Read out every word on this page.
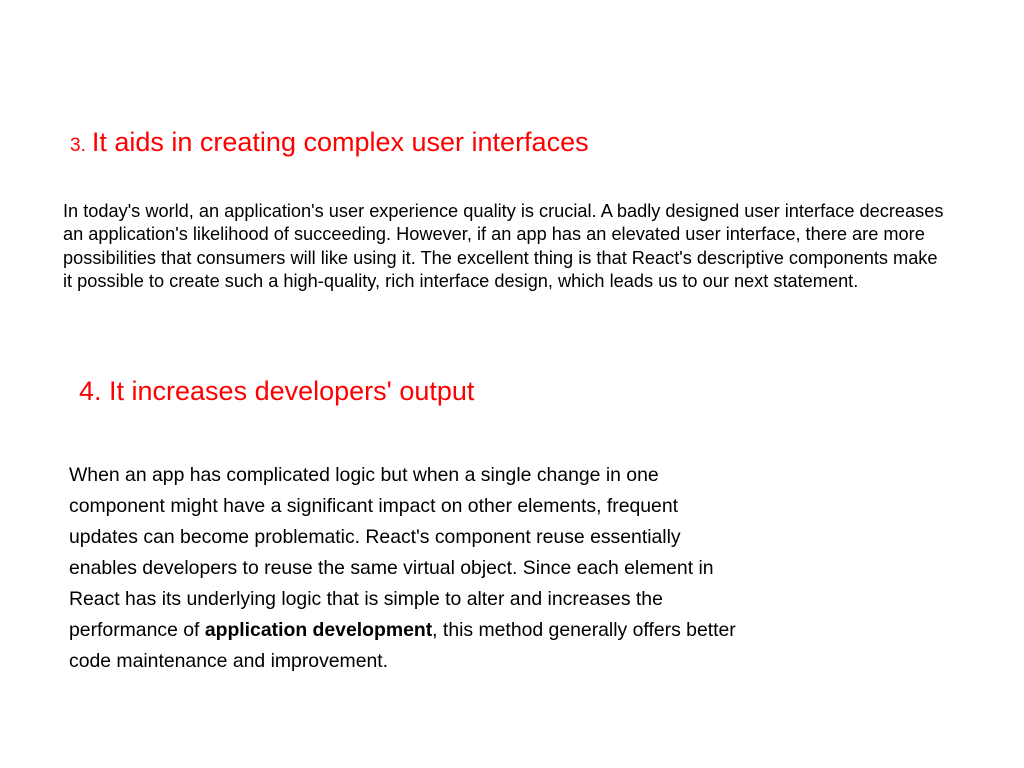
3. It aids in creating complex user interfaces

In today's world, an application's user experience quality is crucial. A badly designed user interface decreases an application's likelihood of succeeding. However, if an app has an elevated user interface, there are more possibilities that consumers will like using it. The excellent thing is that React's descriptive components make it possible to create such a high-quality, rich interface design, which leads us to our next statement.

4. It increases developers' output

When an app has complicated logic but when a single change in one
component might have a significant impact on other elements, frequent
updates can become problematic. React's component reuse essentially
enables developers to reuse the same virtual object. Since each element in
React has its underlying logic that is simple to alter and increases the
performance of application development, this method generally offers better
code maintenance and improvement.
